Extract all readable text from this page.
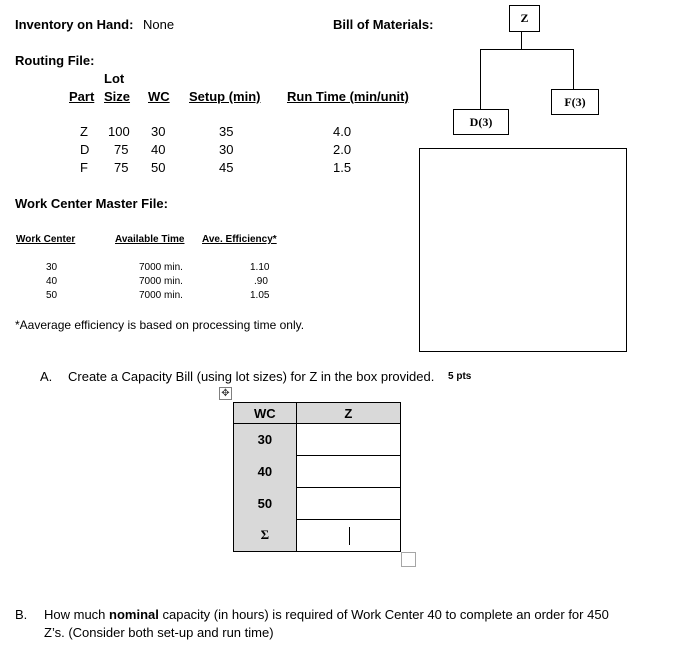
Inventory on Hand: None	Bill of Materials:	Z
D(3)
F(3)
Routing File:
Lot
Part Size WC Setup (min) Run Time (min/unit)
Z 100 30	35	4.0
D 75 40	30	2.0
F 75 50	45	1.5
Work Center Master File:
Work Center	Available Time Ave. Efficiency*
30	7000 min.	1.10
40	7000 min.	.90
50	7000 min.	1.05
*Aaverage efficiency is based on processing time only.
A. Create a Capacity Bill (using lot sizes) for Z in the box provided. 5 pts
✥
WC	Z
30	
40	
50	
Σ	
B. How much nominal capacity (in hours) is required of Work Center 40 to complete an order for 450
Z’s. (Consider both set-up and run time)
